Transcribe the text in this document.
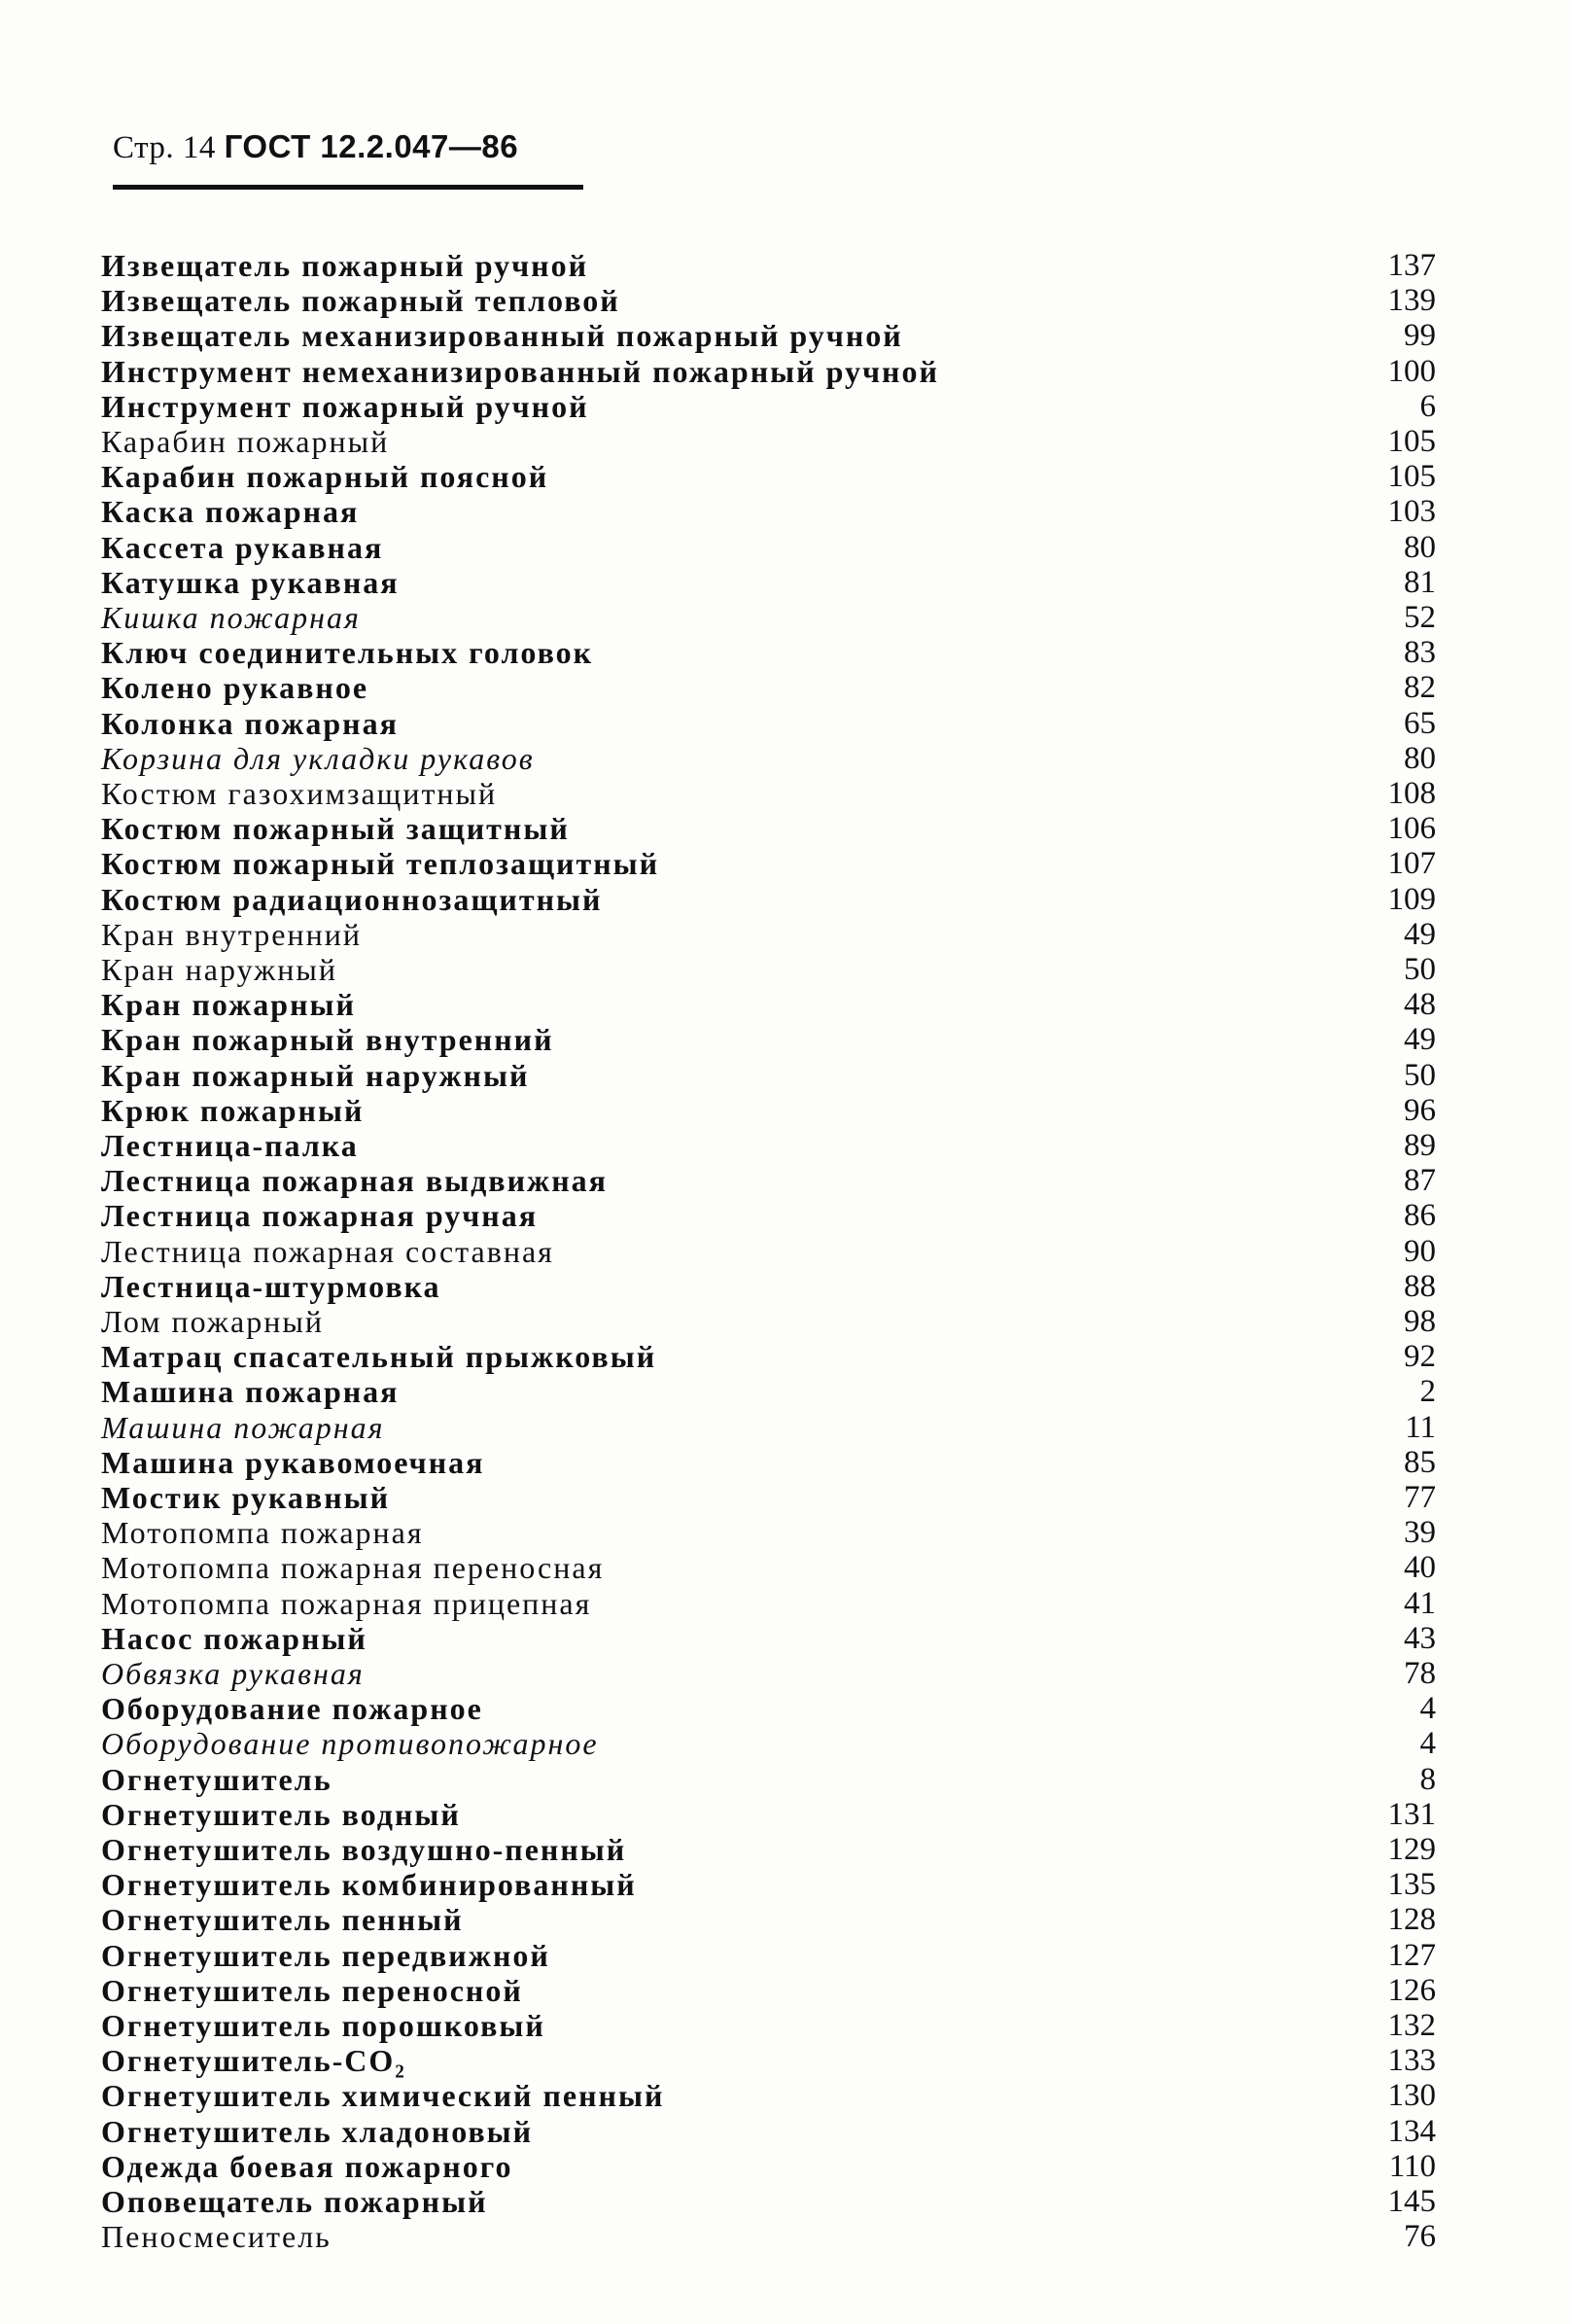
Стр. 14 ГОСТ 12.2.047—86
Извещатель пожарный ручной	137
Извещатель пожарный тепловой	139
Извещатель механизированный пожарный ручной	99
Инструмент немеханизированный пожарный ручной	100
Инструмент пожарный ручной	6
Карабин пожарный	105
Карабин пожарный поясной	105
Каска пожарная	103
Кассета рукавная	80
Катушка рукавная	81
Кишка пожарная	52
Ключ соединительных головок	83
Колено рукавное	82
Колонка пожарная	65
Корзина для укладки рукавов	80
Костюм газохимзащитный	108
Костюм пожарный защитный	106
Костюм пожарный теплозащитный	107
Костюм радиационнозащитный	109
Кран внутренний	49
Кран наружный	50
Кран пожарный	48
Кран пожарный внутренний	49
Кран пожарный наружный	50
Крюк пожарный	96
Лестница-палка	89
Лестница пожарная выдвижная	87
Лестница пожарная ручная	86
Лестница пожарная составная	90
Лестница-штурмовка	88
Лом пожарный	98
Матрац спасательный прыжковый	92
Машина пожарная	2
Машина пожарная	11
Машина рукавомоечная	85
Мостик рукавный	77
Мотопомпа пожарная	39
Мотопомпа пожарная переносная	40
Мотопомпа пожарная прицепная	41
Насос пожарный	43
Обвязка рукавная	78
Оборудование пожарное	4
Оборудование противопожарное	4
Огнетушитель	8
Огнетушитель водный	131
Огнетушитель воздушно-пенный	129
Огнетушитель комбинированный	135
Огнетушитель пенный	128
Огнетушитель передвижной	127
Огнетушитель переносной	126
Огнетушитель порошковый	132
Огнетушитель-CO₂	133
Огнетушитель химический пенный	130
Огнетушитель хладоновый	134
Одежда боевая пожарного	110
Оповещатель пожарный	145
Пеносмеситель	76
